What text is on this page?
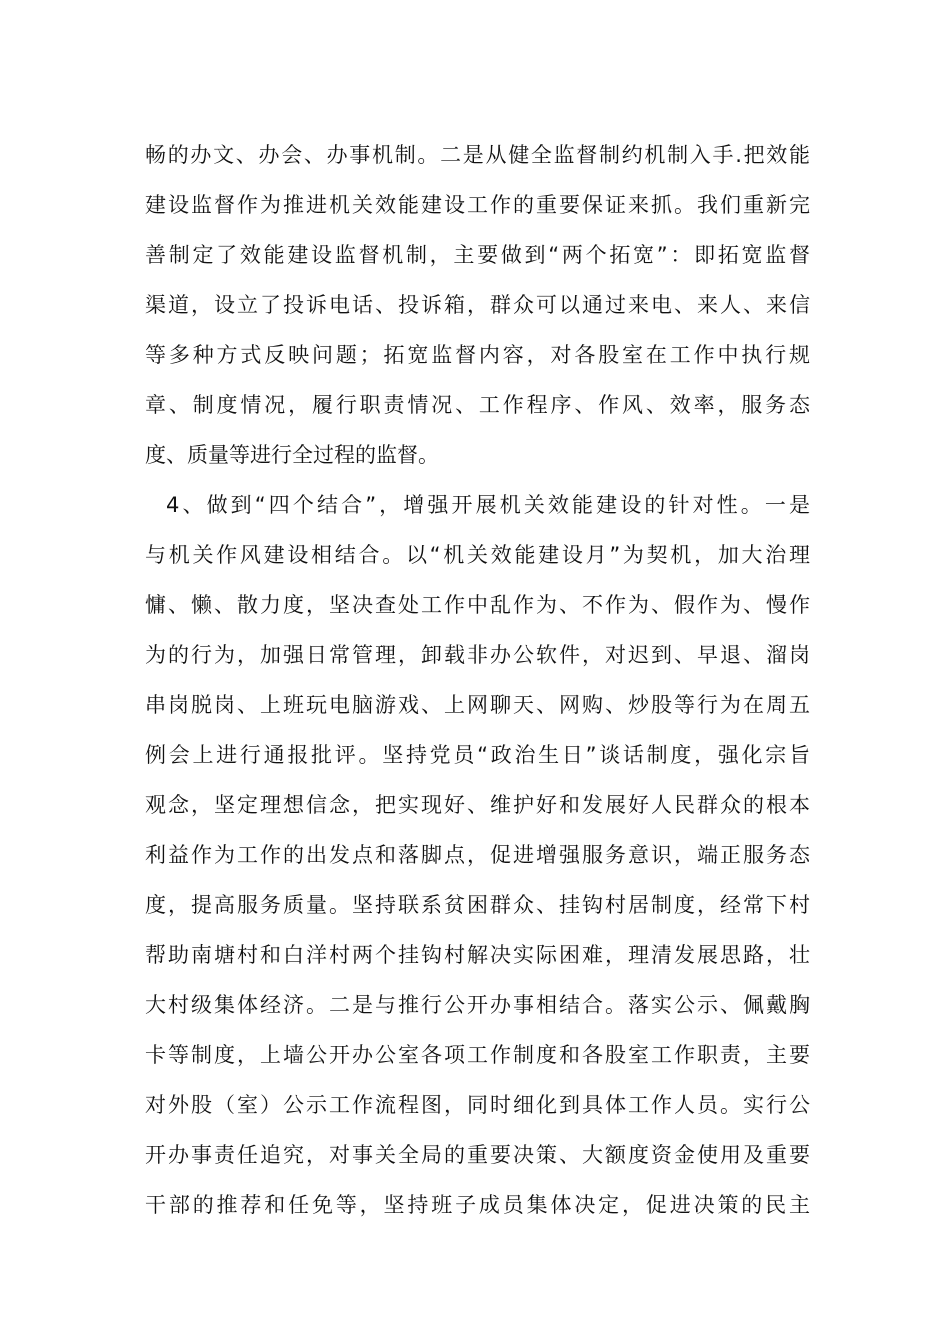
畅的办文、办会、办事机制。二是从健全监督制约机制入手.把效能
建设监督作为推进机关效能建设工作的重要保证来抓。我们重新完
善制定了效能建设监督机制，主要做到“两个拓宽”：即拓宽监督
渠道，设立了投诉电话、投诉箱，群众可以通过来电、来人、来信
等多种方式反映问题；拓宽监督内容，对各股室在工作中执行规
章、制度情况，履行职责情况、工作程序、作风、效率，服务态
度、质量等进行全过程的监督。
4、做到“四个结合”，增强开展机关效能建设的针对性。一是
与机关作风建设相结合。以“机关效能建设月”为契机，加大治理
慵、懒、散力度，坚决查处工作中乱作为、不作为、假作为、慢作
为的行为，加强日常管理，卸载非办公软件，对迟到、早退、溜岗
串岗脱岗、上班玩电脑游戏、上网聊天、网购、炒股等行为在周五
例会上进行通报批评。坚持党员“政治生日”谈话制度，强化宗旨
观念，坚定理想信念，把实现好、维护好和发展好人民群众的根本
利益作为工作的出发点和落脚点，促进增强服务意识，端正服务态
度，提高服务质量。坚持联系贫困群众、挂钩村居制度，经常下村
帮助南塘村和白洋村两个挂钩村解决实际困难，理清发展思路，壮
大村级集体经济。二是与推行公开办事相结合。落实公示、佩戴胸
卡等制度，上墙公开办公室各项工作制度和各股室工作职责，主要
对外股（室）公示工作流程图，同时细化到具体工作人员。实行公
开办事责任追究，对事关全局的重要决策、大额度资金使用及重要
干部的推荐和任免等，坚持班子成员集体决定，促进决策的民主
